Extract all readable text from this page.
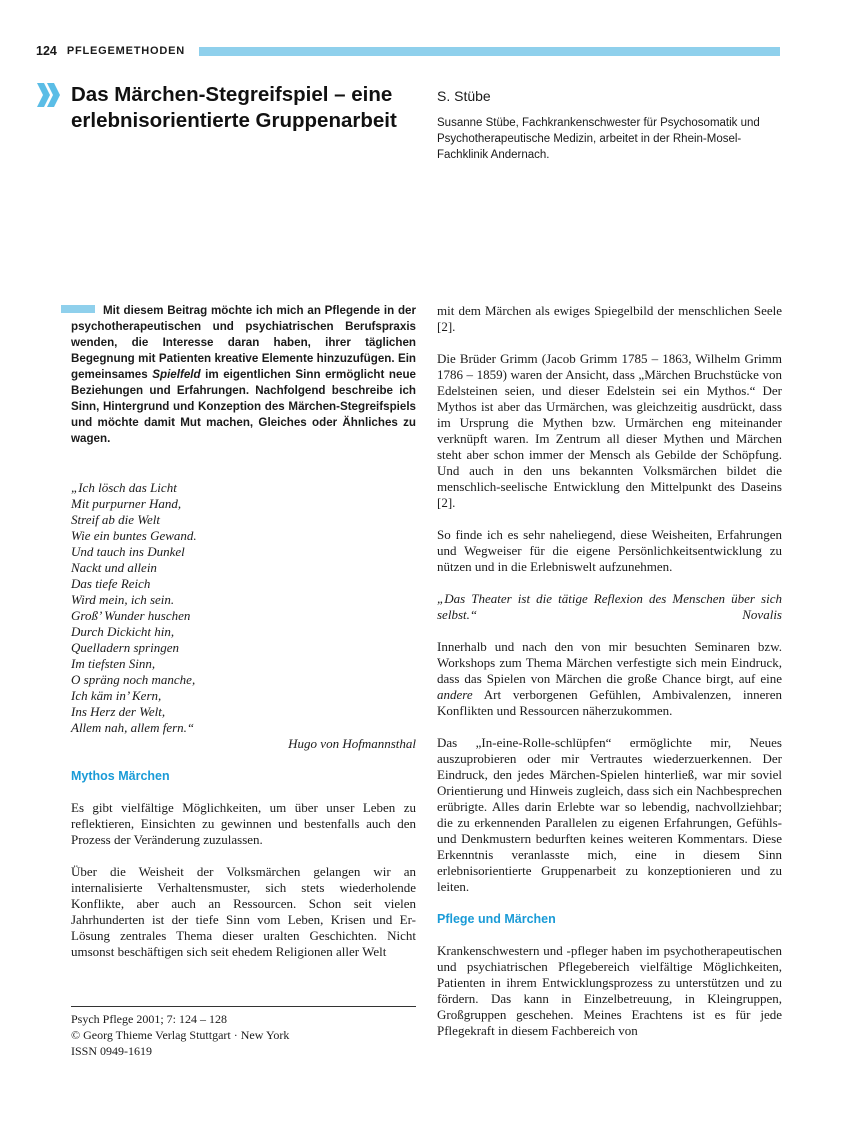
124 PFLEGEMETHODEN
Das Märchen-Stegreifspiel – eine erlebnisorientierte Gruppenarbeit
S. Stübe
Susanne Stübe, Fachkrankenschwester für Psychosomatik und Psychotherapeutische Medizin, arbeitet in der Rhein-Mosel-Fachklinik Andernach.
Mit diesem Beitrag möchte ich mich an Pflegende in der psychotherapeutischen und psychiatrischen Berufspraxis wenden, die Interesse daran haben, ihrer täglichen Begegnung mit Patienten kreative Elemente hinzuzufügen. Ein gemeinsames Spielfeld im eigentlichen Sinn ermöglicht neue Beziehungen und Erfahrungen. Nachfolgend beschreibe ich Sinn, Hintergrund und Konzeption des Märchen-Stegreifspiels und möchte damit Mut machen, Gleiches oder Ähnliches zu wagen.
„Ich lösch das Licht
Mit purpurner Hand,
Streif ab die Welt
Wie ein buntes Gewand.
Und tauch ins Dunkel
Nackt und allein
Das tiefe Reich
Wird mein, ich sein.
Groß’ Wunder huschen
Durch Dickicht hin,
Quelladern springen
Im tiefsten Sinn,
O spräng noch manche,
Ich käm in’ Kern,
Ins Herz der Welt,
Allem nah, allem fern.“
Hugo von Hofmannsthal
Mythos Märchen

Es gibt vielfältige Möglichkeiten, um über unser Leben zu reflektieren, Einsichten zu gewinnen und bestenfalls auch den Prozess der Veränderung zuzulassen.

Über die Weisheit der Volksmärchen gelangen wir an internalisierte Verhaltensmuster, sich stets wiederholende Konflikte, aber auch an Ressourcen. Schon seit vielen Jahrhunderten ist der tiefe Sinn vom Leben, Krisen und Er-Lösung zentrales Thema dieser uralten Geschichten. Nicht umsonst beschäftigen sich seit ehedem Religionen aller Welt

mit dem Märchen als ewiges Spiegelbild der menschlichen Seele [2].

Die Brüder Grimm (Jacob Grimm 1785 – 1863, Wilhelm Grimm 1786 – 1859) waren der Ansicht, dass „Märchen Bruchstücke von Edelsteinen seien, und dieser Edelstein sei ein Mythos.“ Der Mythos ist aber das Urmärchen, was gleichzeitig ausdrückt, dass im Ursprung die Mythen bzw. Urmärchen eng miteinander verknüpft waren. Im Zentrum all dieser Mythen und Märchen steht aber schon immer der Mensch als Gebilde der Schöpfung. Und auch in den uns bekannten Volksmärchen bildet die menschlich-seelische Entwicklung den Mittelpunkt des Daseins [2].

So finde ich es sehr naheliegend, diese Weisheiten, Erfahrungen und Wegweiser für die eigene Persönlichkeitsentwicklung zu nützen und in die Erlebniswelt aufzunehmen.

„Das Theater ist die tätige Reflexion des Menschen über sich selbst.“	Novalis

Innerhalb und nach den von mir besuchten Seminaren bzw. Workshops zum Thema Märchen verfestigte sich mein Eindruck, dass das Spielen von Märchen die große Chance birgt, auf eine andere Art verborgenen Gefühlen, Ambivalenzen, inneren Konflikten und Ressourcen näherzukommen.

Das „In-eine-Rolle-schlüpfen“ ermöglichte mir, Neues auszuprobieren oder mir Vertrautes wiederzuerkennen. Der Eindruck, den jedes Märchen-Spielen hinterließ, war mir soviel Orientierung und Hinweis zugleich, dass sich ein Nachbesprechen erübrigte. Alles darin Erlebte war so lebendig, nachvollziehbar; die zu erkennenden Parallelen zu eigenen Erfahrungen, Gefühls- und Denkmustern bedurften keines weiteren Kommentars. Diese Erkenntnis veranlasste mich, eine in diesem Sinn erlebnisorientierte Gruppenarbeit zu konzeptionieren und zu leiten.

Pflege und Märchen

Krankenschwestern und -pfleger haben im psychotherapeutischen und psychiatrischen Pflegebereich vielfältige Möglichkeiten, Patienten in ihrem Entwicklungsprozess zu unterstützen und zu fördern. Das kann in Einzelbetreuung, in Kleingruppen, Großgruppen geschehen. Meines Erachtens ist es für jede Pflegekraft in diesem Fachbereich von

Psych Pflege 2001; 7: 124 – 128
© Georg Thieme Verlag Stuttgart · New York
ISSN 0949-1619
